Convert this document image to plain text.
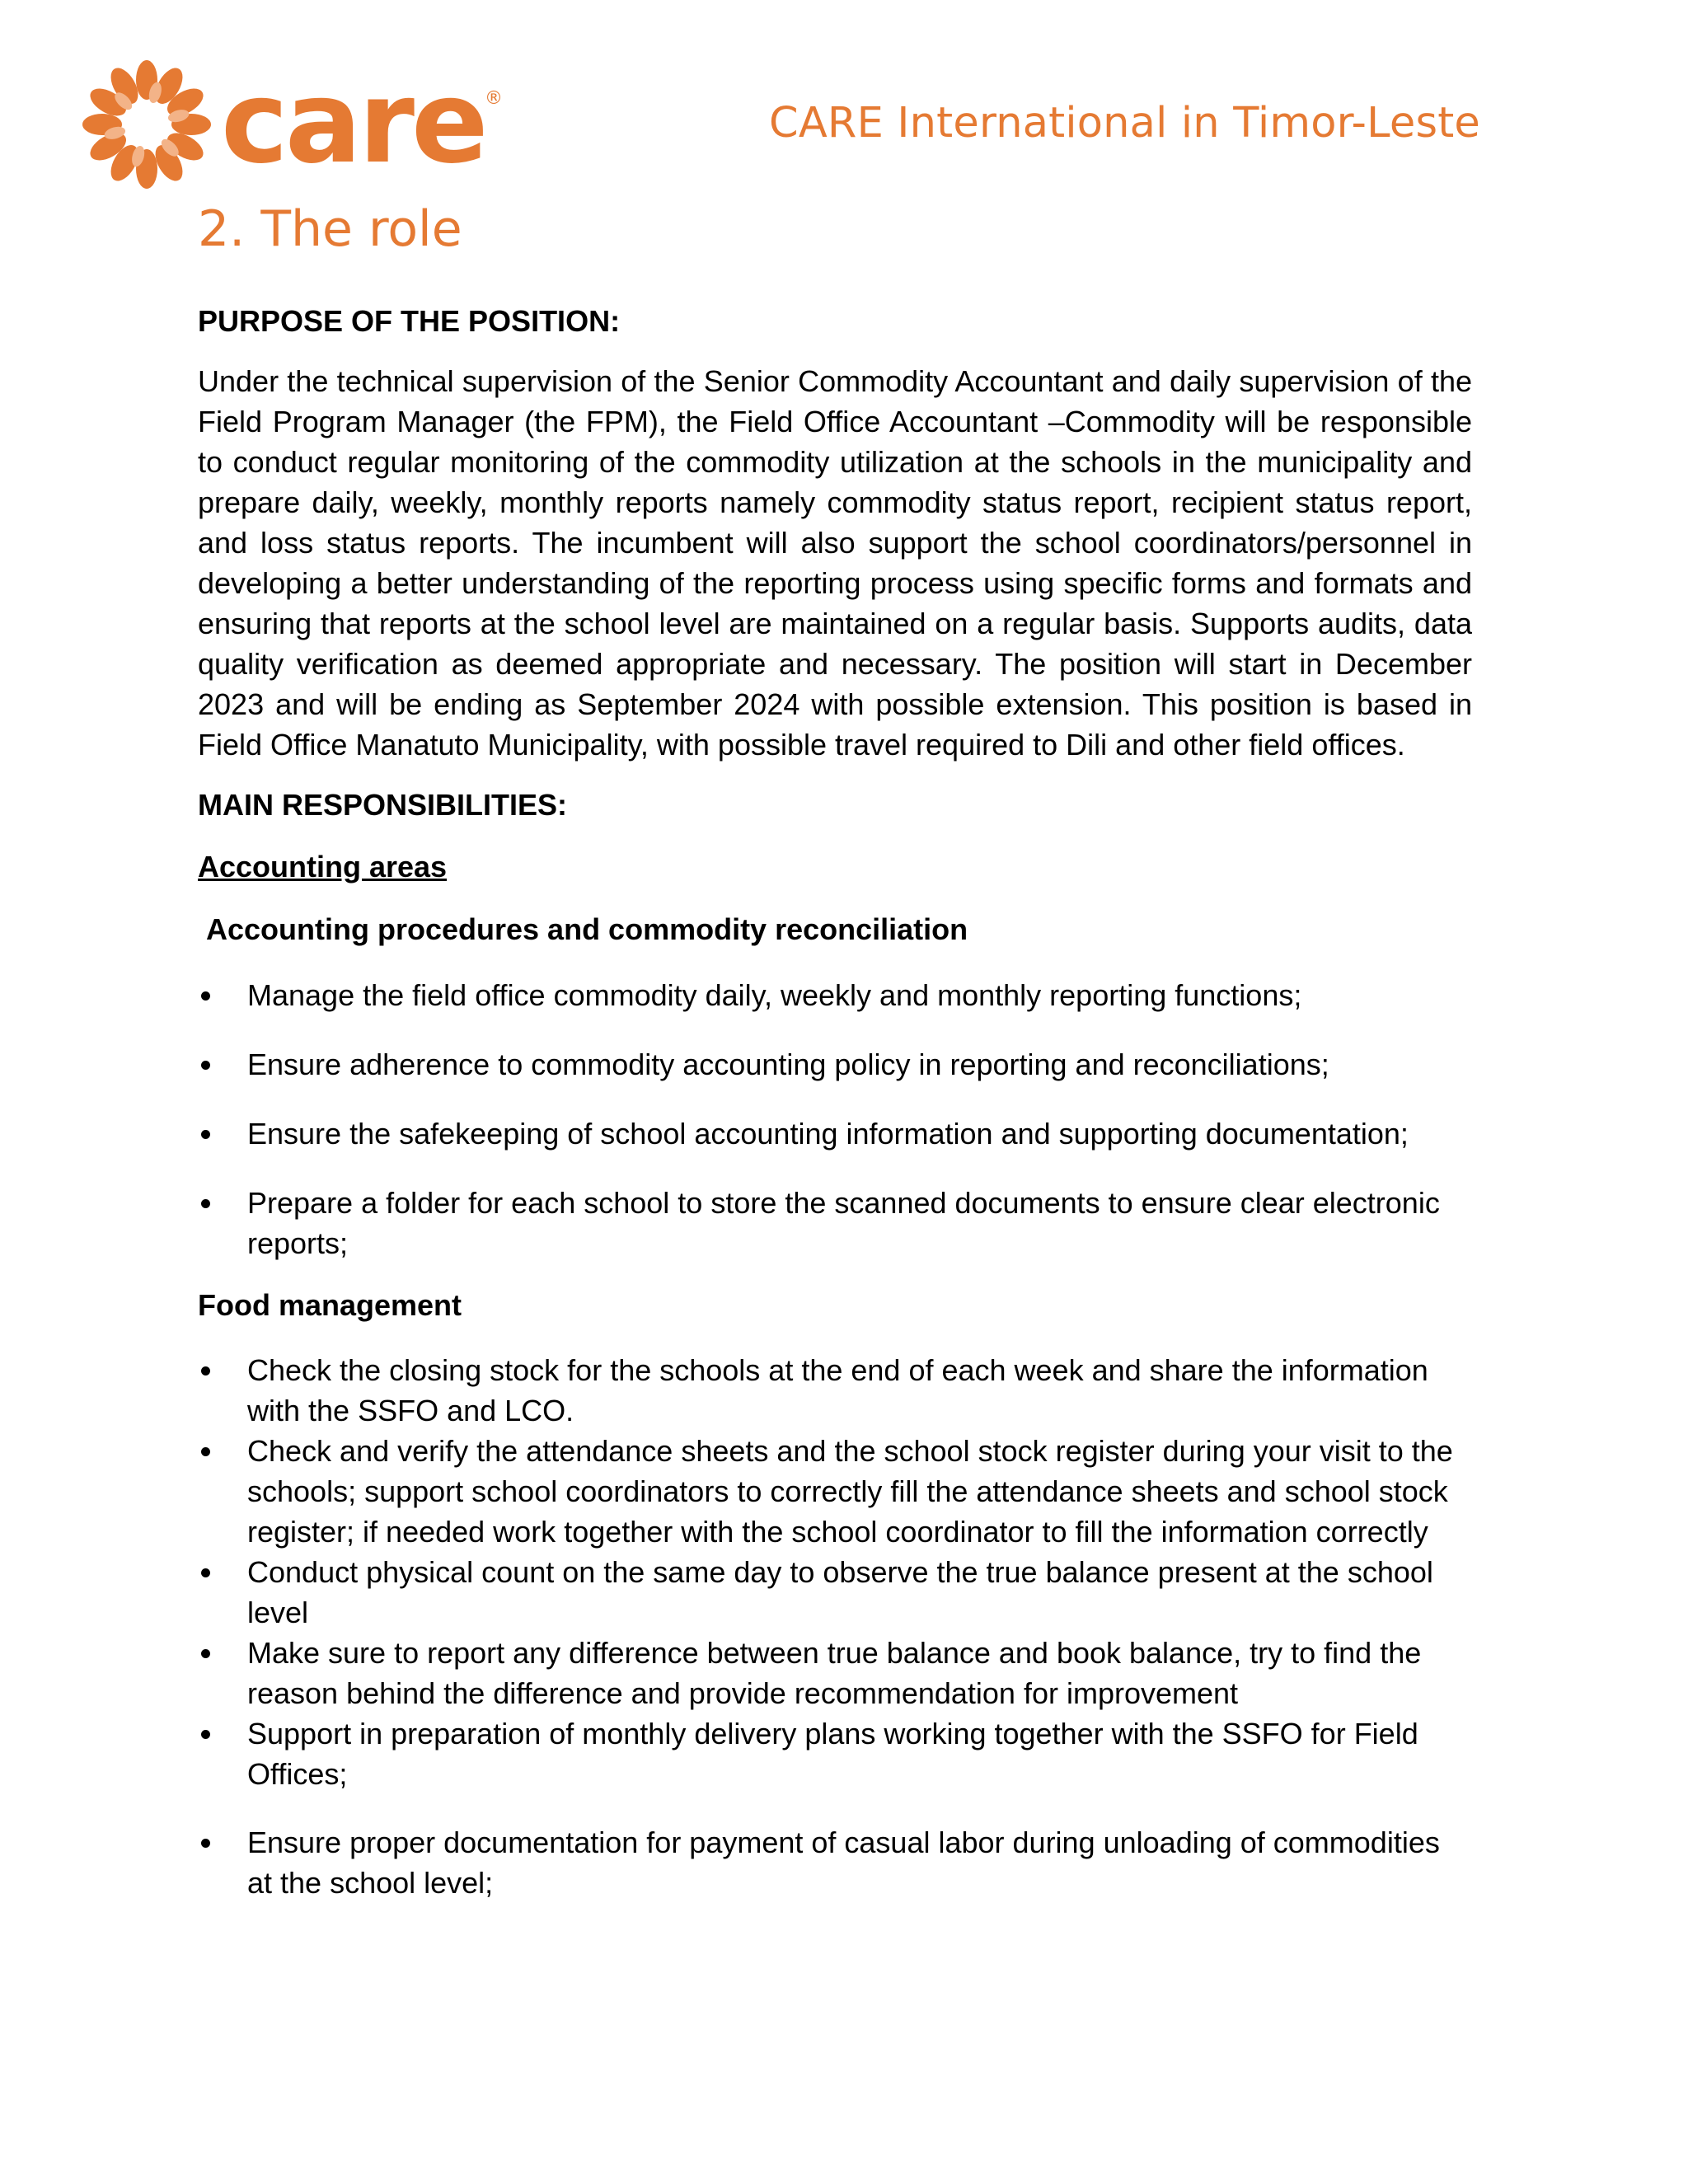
care ®
CARE International in Timor-Leste
2. The role

PURPOSE OF THE POSITION:

Under the technical supervision of the Senior Commodity Accountant and daily supervision of the Field Program Manager (the FPM), the Field Office Accountant –Commodity will be responsible to conduct regular monitoring of the commodity utilization at the schools in the municipality and prepare daily, weekly, monthly reports namely commodity status report, recipient status report, and loss status reports. The incumbent will also support the school coordinators/personnel in developing a better understanding of the reporting process using specific forms and formats and ensuring that reports at the school level are maintained on a regular basis. Supports audits, data quality verification as deemed appropriate and necessary. The position will start in December 2023 and will be ending as September 2024 with possible extension. This position is based in Field Office Manatuto Municipality, with possible travel required to Dili and other field offices.

MAIN RESPONSIBILITIES:

Accounting areas

Accounting procedures and commodity reconciliation

Manage the field office commodity daily, weekly and monthly reporting functions;
Ensure adherence to commodity accounting policy in reporting and reconciliations;
Ensure the safekeeping of school accounting information and supporting documentation;
Prepare a folder for each school to store the scanned documents to ensure clear electronic reports;

Food management

Check the closing stock for the schools at the end of each week and share the information with the SSFO and LCO.
Check and verify the attendance sheets and the school stock register during your visit to the schools; support school coordinators to correctly fill the attendance sheets and school stock register; if needed work together with the school coordinator to fill the information correctly
Conduct physical count on the same day to observe the true balance present at the school level
Make sure to report any difference between true balance and book balance, try to find the reason behind the difference and provide recommendation for improvement
Support in preparation of monthly delivery plans working together with the SSFO for Field Offices;
Ensure proper documentation for payment of casual labor during unloading of commodities at the school level;
